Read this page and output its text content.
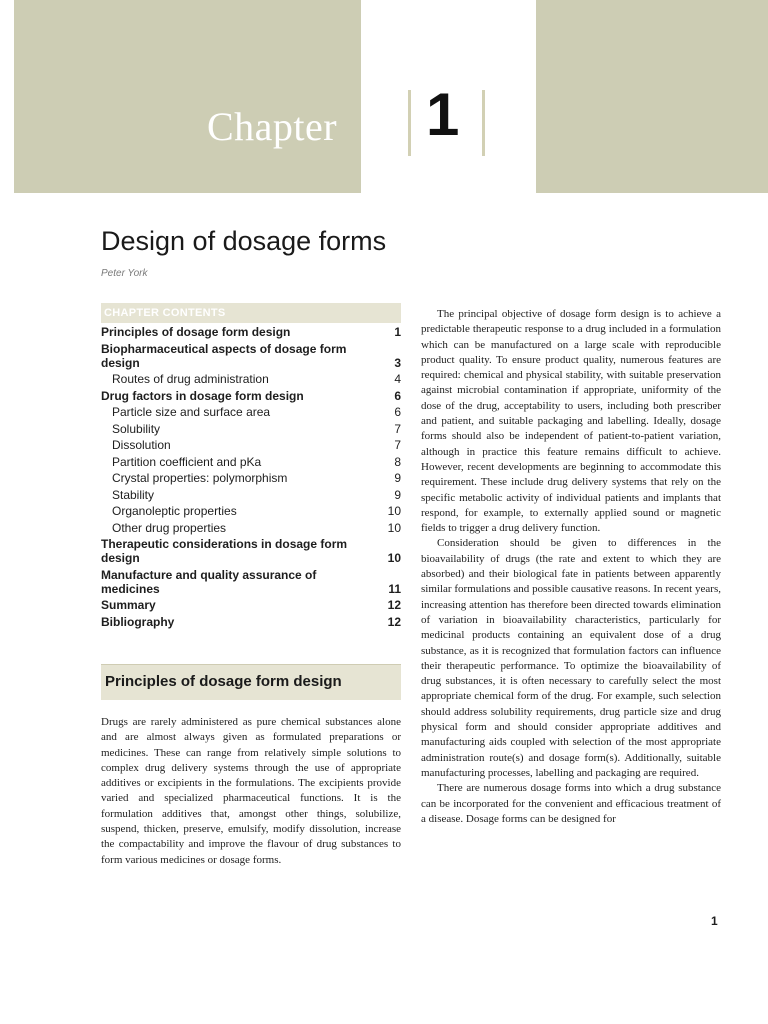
Chapter 1
Design of dosage forms
Peter York
CHAPTER CONTENTS
Principles of dosage form design	1
Biopharmaceutical aspects of dosage form design	3
Routes of drug administration	4
Drug factors in dosage form design	6
Particle size and surface area	6
Solubility	7
Dissolution	7
Partition coefficient and pKa	8
Crystal properties: polymorphism	9
Stability	9
Organoleptic properties	10
Other drug properties	10
Therapeutic considerations in dosage form design	10
Manufacture and quality assurance of medicines	11
Summary	12
Bibliography	12
Principles of dosage form design

Drugs are rarely administered as pure chemical substances alone and are almost always given as formulated preparations or medicines. These can range from relatively simple solutions to complex drug delivery systems through the use of appropriate additives or excipients in the formulations. The excipients provide varied and specialized pharmaceutical functions. It is the formulation additives that, amongst other things, solubilize, suspend, thicken, preserve, emulsify, modify dissolution, increase the compactability and improve the flavour of drug substances to form various medicines or dosage forms.

The principal objective of dosage form design is to achieve a predictable therapeutic response to a drug included in a formulation which can be manufactured on a large scale with reproducible product quality. To ensure product quality, numerous features are required: chemical and physical stability, with suitable preservation against microbial contamination if appropriate, uniformity of the dose of the drug, acceptability to users, including both prescriber and patient, and suitable packaging and labelling. Ideally, dosage forms should also be independent of patient-to-patient variation, although in practice this feature remains difficult to achieve. However, recent developments are beginning to accommodate this requirement. These include drug delivery systems that rely on the specific metabolic activity of individual patients and implants that respond, for example, to externally applied sound or magnetic fields to trigger a drug delivery function.
Consideration should be given to differences in the bioavailability of drugs (the rate and extent to which they are absorbed) and their biological fate in patients between apparently similar formulations and possible causative reasons. In recent years, increasing attention has therefore been directed towards elimination of variation in bioavailability characteristics, particularly for medicinal products containing an equivalent dose of a drug substance, as it is recognized that formulation factors can influence their therapeutic performance. To optimize the bioavailability of drug substances, it is often necessary to carefully select the most appropriate chemical form of the drug. For example, such selection should address solubility requirements, drug particle size and drug physical form and should consider appropriate additives and manufacturing aids coupled with selection of the most appropriate administration route(s) and dosage form(s). Additionally, suitable manufacturing processes, labelling and packaging are required.
There are numerous dosage forms into which a drug substance can be incorporated for the convenient and efficacious treatment of a disease. Dosage forms can be designed for
1
